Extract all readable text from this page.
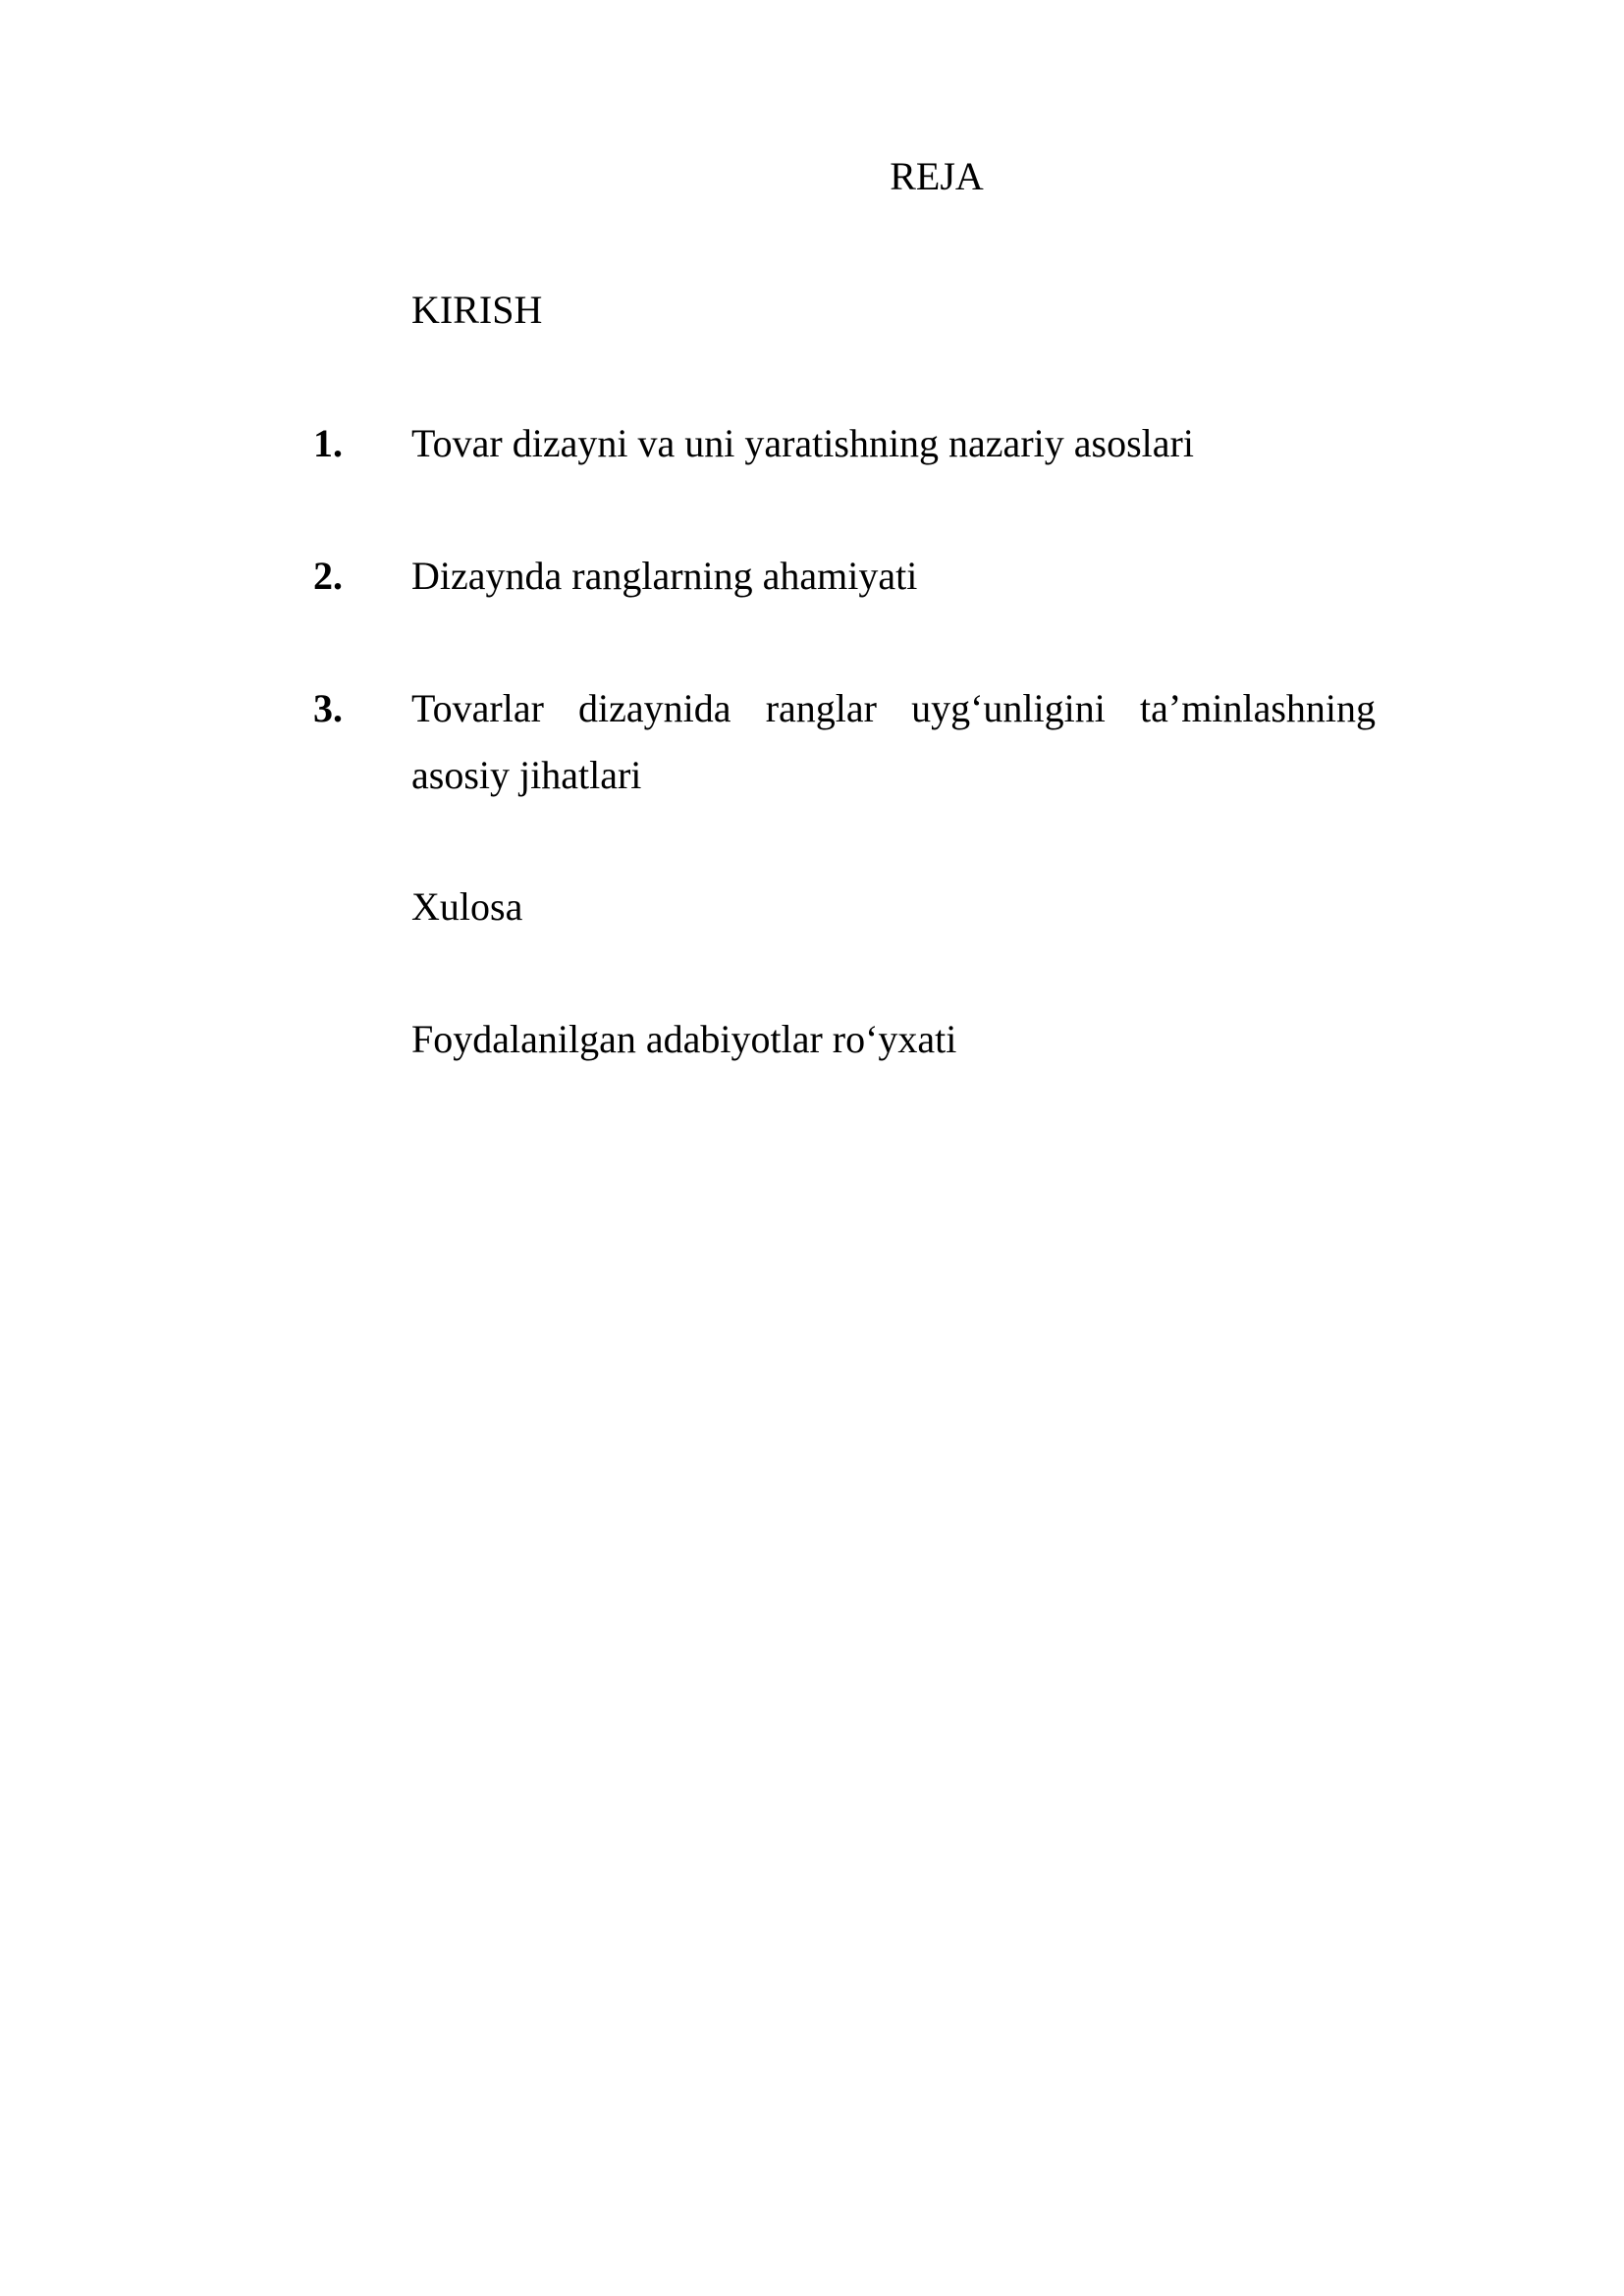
REJA
KIRISH
1. Tovar dizayni va uni yaratishning nazariy asoslari
2. Dizaynda ranglarning ahamiyati
3. Tovarlar dizaynida ranglar uyg‘unligini ta’minlashning asosiy jihatlari
Xulosa
Foydalanilgan adabiyotlar ro‘yxati
